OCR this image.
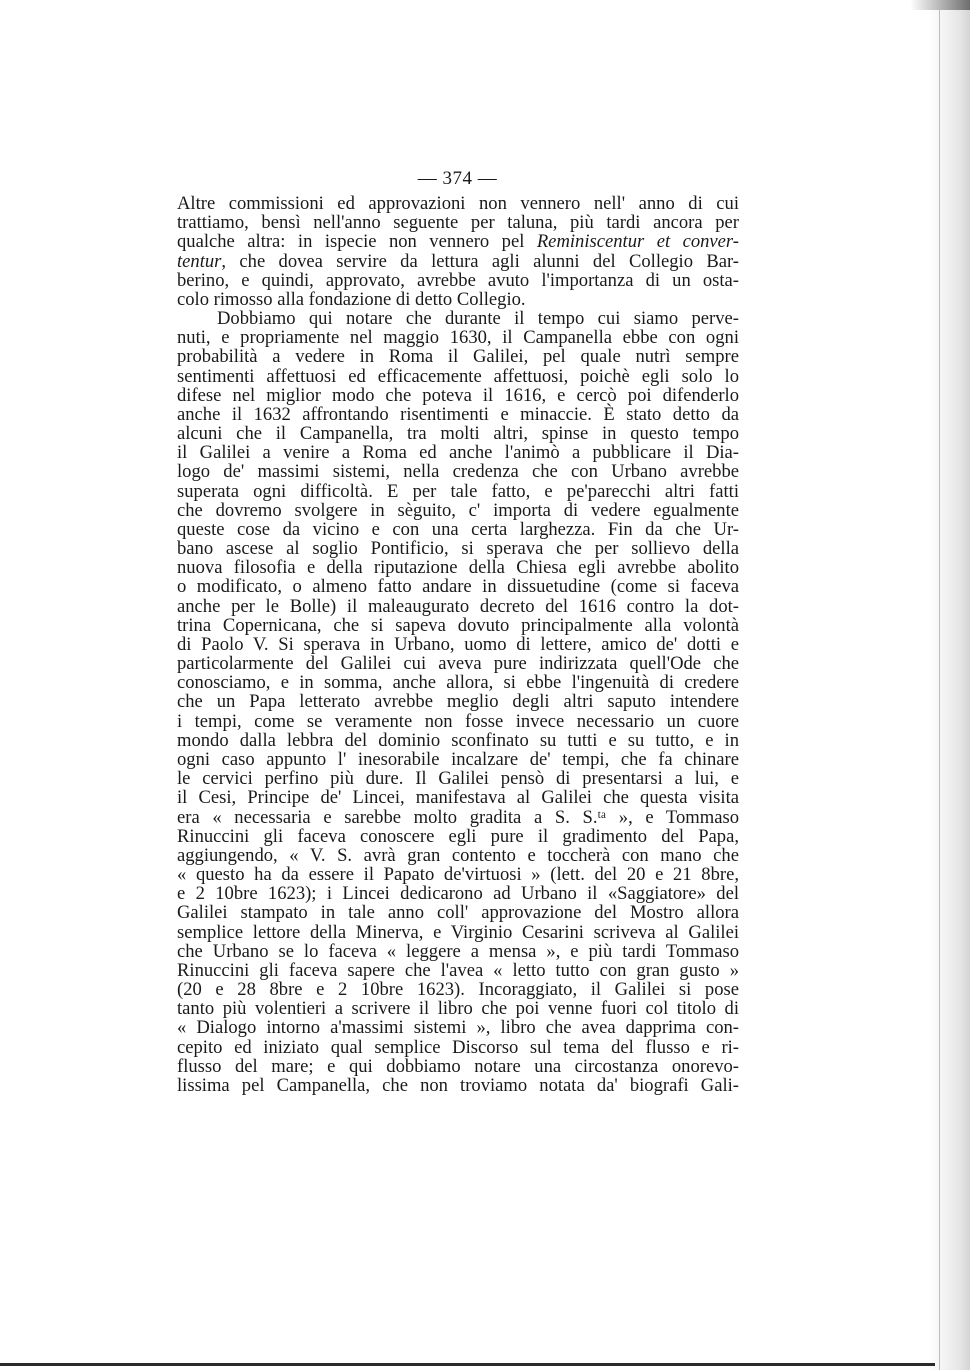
— 374 —
Altre commissioni ed approvazioni non vennero nell' anno di cui
trattiamo, bensì nell'anno seguente per taluna, più tardi ancora per
qualche altra: in ispecie non vennero pel Reminiscentur et conver-
tentur, che dovea servire da lettura agli alunni del Collegio Bar-
berino, e quindi, approvato, avrebbe avuto l'importanza di un osta-
colo rimosso alla fondazione di detto Collegio.
Dobbiamo qui notare che durante il tempo cui siamo perve-
nuti, e propriamente nel maggio 1630, il Campanella ebbe con ogni
probabilità a vedere in Roma il Galilei, pel quale nutrì sempre
sentimenti affettuosi ed efficacemente affettuosi, poichè egli solo lo
difese nel miglior modo che poteva il 1616, e cercò poi difenderlo
anche il 1632 affrontando risentimenti e minaccie. È stato detto da
alcuni che il Campanella, tra molti altri, spinse in questo tempo
il Galilei a venire a Roma ed anche l'animò a pubblicare il Dia-
logo de' massimi sistemi, nella credenza che con Urbano avrebbe
superata ogni difficoltà. E per tale fatto, e pe'parecchi altri fatti
che dovremo svolgere in sèguito, c' importa di vedere egualmente
queste cose da vicino e con una certa larghezza. Fin da che Ur-
bano ascese al soglio Pontificio, si sperava che per sollievo della
nuova filosofia e della riputazione della Chiesa egli avrebbe abolito
o modificato, o almeno fatto andare in dissuetudine (come si faceva
anche per le Bolle) il maleaugurato decreto del 1616 contro la dot-
trina Copernicana, che si sapeva dovuto principalmente alla volontà
di Paolo V. Si sperava in Urbano, uomo di lettere, amico de' dotti e
particolarmente del Galilei cui aveva pure indirizzata quell'Ode che
conosciamo, e in somma, anche allora, si ebbe l'ingenuità di credere
che un Papa letterato avrebbe meglio degli altri saputo intendere
i tempi, come se veramente non fosse invece necessario un cuore
mondo dalla lebbra del dominio sconfinato su tutti e su tutto, e in
ogni caso appunto l' inesorabile incalzare de' tempi, che fa chinare
le cervici perfino più dure. Il Galilei pensò di presentarsi a lui, e
il Cesi, Principe de' Lincei, manifestava al Galilei che questa visita
era « necessaria e sarebbe molto gradita a S. S.ᵗᵃ », e Tommaso
Rinuccini gli faceva conoscere egli pure il gradimento del Papa,
aggiungendo, « V. S. avrà gran contento e toccherà con mano che
« questo ha da essere il Papato de'virtuosi » (lett. del 20 e 21 8bre,
e 2 10bre 1623); i Lincei dedicarono ad Urbano il «Saggiatore» del
Galilei stampato in tale anno coll' approvazione del Mostro allora
semplice lettore della Minerva, e Virginio Cesarini scriveva al Galilei
che Urbano se lo faceva « leggere a mensa », e più tardi Tommaso
Rinuccini gli faceva sapere che l'avea « letto tutto con gran gusto »
(20 e 28 8bre e 2 10bre 1623). Incoraggiato, il Galilei si pose
tanto più volentieri a scrivere il libro che poi venne fuori col titolo di
« Dialogo intorno a'massimi sistemi », libro che avea dapprima con-
cepito ed iniziato qual semplice Discorso sul tema del flusso e ri-
flusso del mare; e qui dobbiamo notare una circostanza onorevo-
lissima pel Campanella, che non troviamo notata da' biografi Gali-
